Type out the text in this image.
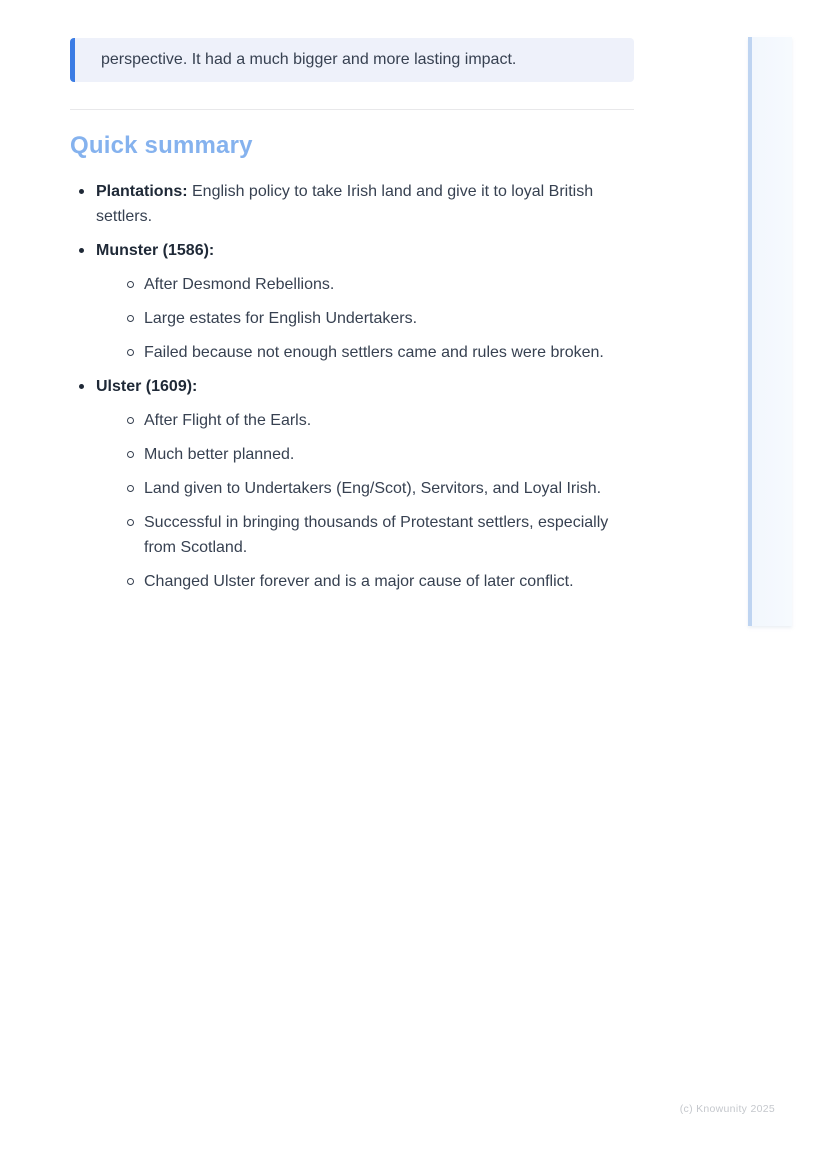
perspective. It had a much bigger and more lasting impact.
Quick summary
Plantations: English policy to take Irish land and give it to loyal British settlers.
Munster (1586):
After Desmond Rebellions.
Large estates for English Undertakers.
Failed because not enough settlers came and rules were broken.
Ulster (1609):
After Flight of the Earls.
Much better planned.
Land given to Undertakers (Eng/Scot), Servitors, and Loyal Irish.
Successful in bringing thousands of Protestant settlers, especially from Scotland.
Changed Ulster forever and is a major cause of later conflict.
(c) Knowunity 2025
